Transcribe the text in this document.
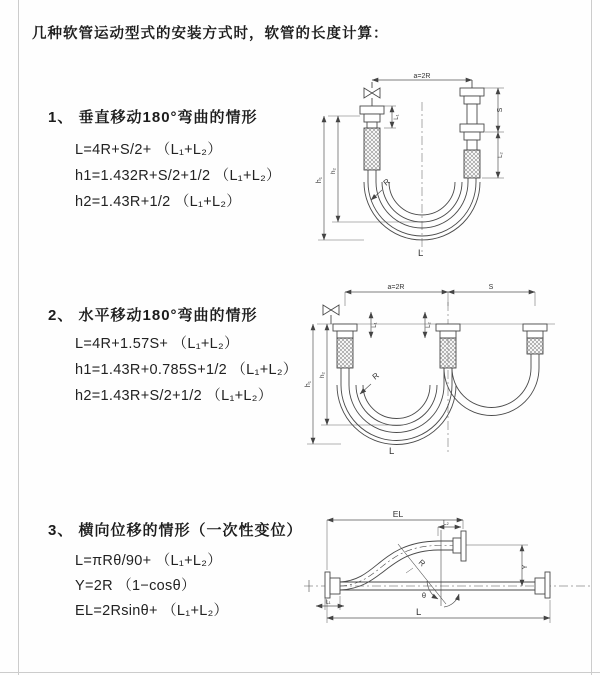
几种软管运动型式的安装方式时，软管的长度计算：
1、 垂直移动180°弯曲的情形
L=4R+S/2+ （L₁+L₂）
h1=1.432R+S/2+1/2 （L₁+L₂）
h2=1.43R+1/2 （L₁+L₂）
2、 水平移动180°弯曲的情形
L=4R+1.57S+ （L₁+L₂）
h1=1.43R+0.785S+1/2 （L₁+L₂）
h2=1.43R+S/2+1/2 （L₁+L₂）
3、 横向位移的情形（一次性变位）
L=πRθ/90+ （L₁+L₂）
Y=2R （1−cosθ）
EL=2Rsinθ+ （L₁+L₂）
a=2R
h₁
h₂
L₁
S
L₂
R
L
a=2R	S
h₁
h₂
L₁	L₂
R
L
EL
L₂
Y
R
θ
L
L₁
